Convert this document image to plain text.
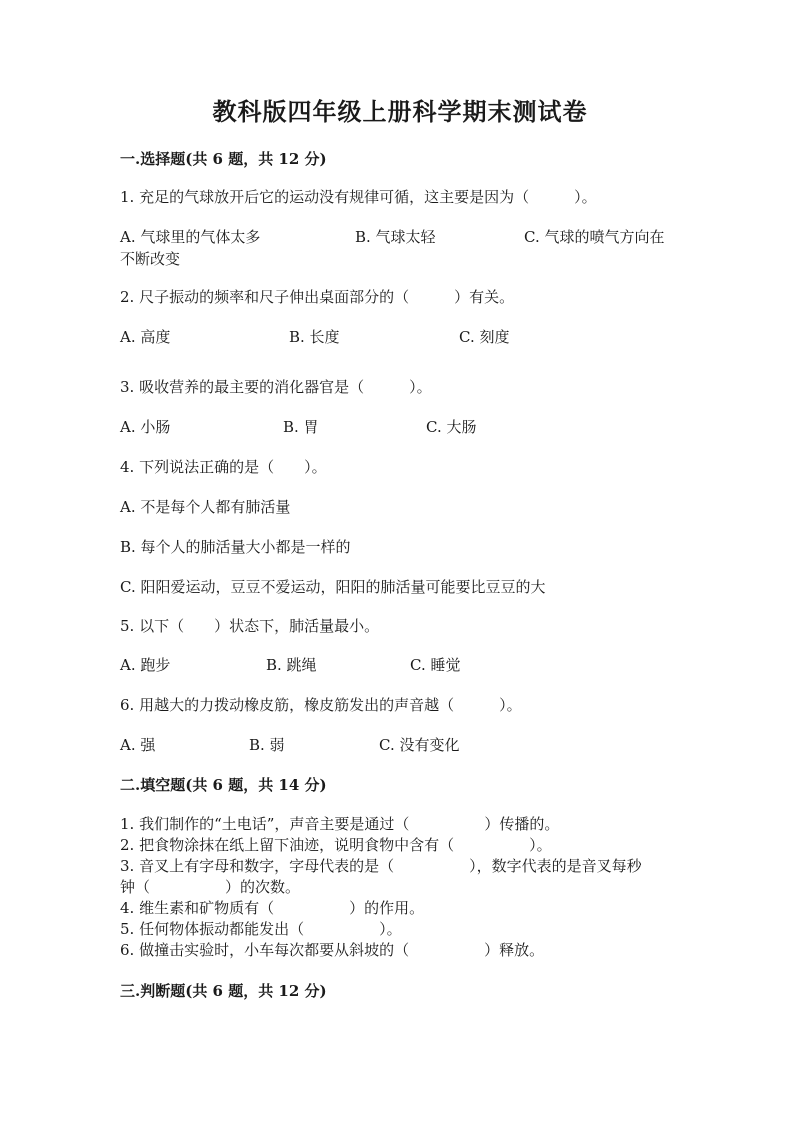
教科版四年级上册科学期末测试卷
一.选择题(共 6 题，共 12 分)

1. 充足的气球放开后它的运动没有规律可循，这主要是因为（　　　）。

A. 气球里的气体太多	B. 气球太轻	C. 气球的喷气方向在
不断改变

2. 尺子振动的频率和尺子伸出桌面部分的（　　　）有关。

A. 高度	B. 长度	C. 刻度

3. 吸收营养的最主要的消化器官是（　　　）。

A. 小肠	B. 胃	C. 大肠

4. 下列说法正确的是（　　）。

A. 不是每个人都有肺活量
B. 每个人的肺活量大小都是一样的
C. 阳阳爱运动，豆豆不爱运动，阳阳的肺活量可能要比豆豆的大

5. 以下（　　）状态下，肺活量最小。

A. 跑步	B. 跳绳	C. 睡觉

6. 用越大的力拨动橡皮筋，橡皮筋发出的声音越（　　　）。

A. 强	B. 弱	C. 没有变化
二.填空题(共 6 题，共 14 分)

1. 我们制作的“土电话”，声音主要是通过（　　　　　）传播的。

2. 把食物涂抹在纸上留下油迹，说明食物中含有（　　　　　）。

3. 音叉上有字母和数字，字母代表的是（　　　　　），数字代表的是音叉每秒

钟（　　　　　）的次数。

4. 维生素和矿物质有（　　　　　）的作用。

5. 任何物体振动都能发出（　　　　　）。

6. 做撞击实验时，小车每次都要从斜坡的（　　　　　）释放。

三.判断题(共 6 题，共 12 分)
